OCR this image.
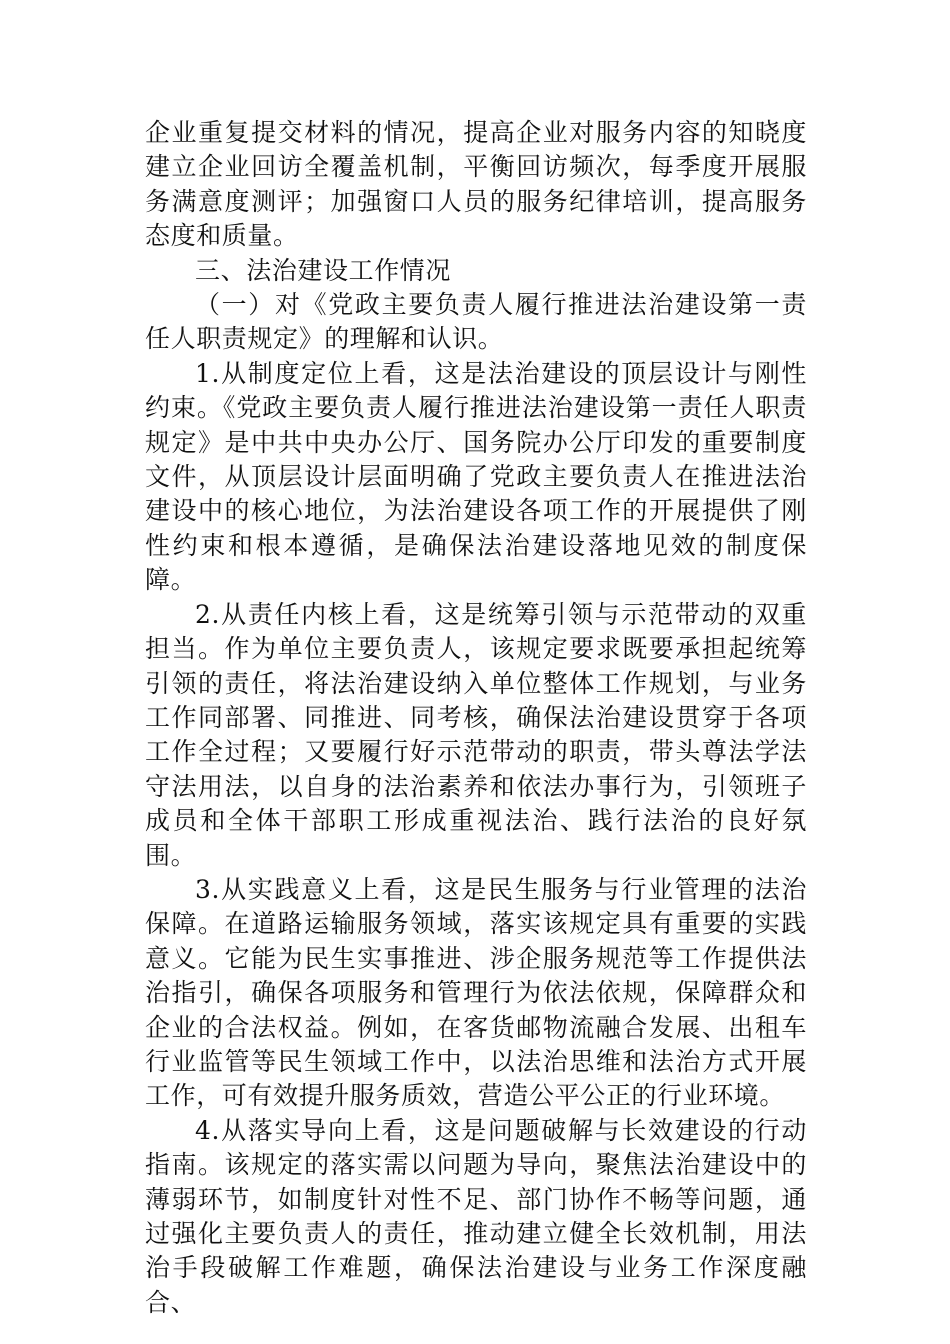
企业重复提交材料的情况，提高企业对服务内容的知晓度建立企业回访全覆盖机制，平衡回访频次，每季度开展服务满意度测评；加强窗口人员的服务纪律培训，提高服务态度和质量。

三、法治建设工作情况

（一）对《党政主要负责人履行推进法治建设第一责任人职责规定》的理解和认识。

1.从制度定位上看，这是法治建设的顶层设计与刚性约束。《党政主要负责人履行推进法治建设第一责任人职责规定》是中共中央办公厅、国务院办公厅印发的重要制度文件，从顶层设计层面明确了党政主要负责人在推进法治建设中的核心地位，为法治建设各项工作的开展提供了刚性约束和根本遵循，是确保法治建设落地见效的制度保障。

2.从责任内核上看，这是统筹引领与示范带动的双重担当。作为单位主要负责人，该规定要求既要承担起统筹引领的责任，将法治建设纳入单位整体工作规划，与业务工作同部署、同推进、同考核，确保法治建设贯穿于各项工作全过程；又要履行好示范带动的职责，带头尊法学法守法用法，以自身的法治素养和依法办事行为，引领班子成员和全体干部职工形成重视法治、践行法治的良好氛围。

3.从实践意义上看，这是民生服务与行业管理的法治保障。在道路运输服务领域，落实该规定具有重要的实践意义。它能为民生实事推进、涉企服务规范等工作提供法治指引，确保各项服务和管理行为依法依规，保障群众和企业的合法权益。例如，在客货邮物流融合发展、出租车行业监管等民生领域工作中，以法治思维和法治方式开展工作，可有效提升服务质效，营造公平公正的行业环境。

4.从落实导向上看，这是问题破解与长效建设的行动指南。该规定的落实需以问题为导向，聚焦法治建设中的薄弱环节，如制度针对性不足、部门协作不畅等问题，通过强化主要负责人的责任，推动建立健全长效机制，用法治手段破解工作难题，确保法治建设与业务工作深度融合、
